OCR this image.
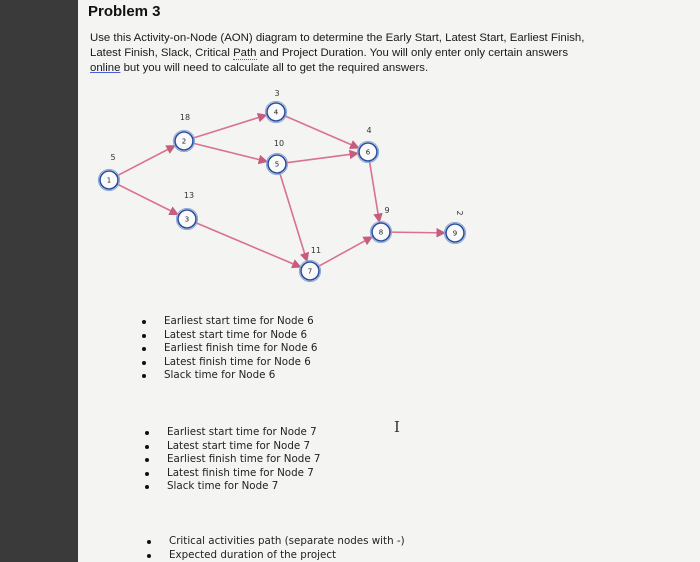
Problem 3
Use this Activity-on-Node (AON) diagram to determine the Early Start, Latest Start, Earliest Finish,
Latest Finish, Slack, Critical Path and Project Duration. You will only enter only certain answers
online but you will need to calculate all to get the required answers.
5
18
13
3
10
4
11
9	2
1
2
3
4
5
6
7
8	9
Earliest start time for Node 6
Latest start time for Node 6
Earliest finish time for Node 6
Latest finish time for Node 6
Slack time for Node 6
Earliest start time for Node 7
Latest start time for Node 7
Earliest finish time for Node 7
Latest finish time for Node 7
Slack time for Node 7
Critical activities path (separate nodes with -)
Expected duration of the project
I
